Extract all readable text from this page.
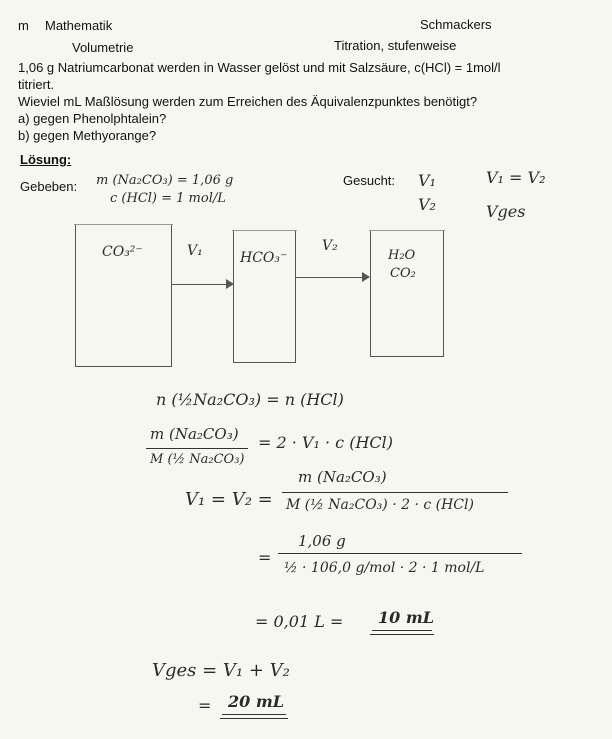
m Mathematik	Schmackers
Volumetrie	Titration, stufenweise
1,06 g Natriumcarbonat werden in Wasser gelöst und mit Salzsäure, c(HCl) = 1mol/l
titriert.
Wieviel mL Maßlösung werden zum Erreichen des Äquivalenzpunktes benötigt?
a) gegen Phenolphtalein?
b) gegen Methyorange?
Lösung:
Gebeben: m (Na₂CO₃) = 1,06 g
c (HCl) = 1 mol/L
Gesucht: V₁
V₂
V₁ = V₂
Vges
CO₃²⁻	V₁	HCO₃⁻
V₂
H₂O
CO₂
n (½Na₂CO₃) = n (HCl)
m (Na₂CO₃)
M (½ Na₂CO₃)
= 2 · V₁ · c (HCl)
V₁ = V₂ =
m (Na₂CO₃)
M (½ Na₂CO₃) · 2 · c (HCl)
=
1,06 g
½ · 106,0 g/mol · 2 · 1 mol/L
= 0,01 L = 10 mL
Vges = V₁ + V₂
= 20 mL
